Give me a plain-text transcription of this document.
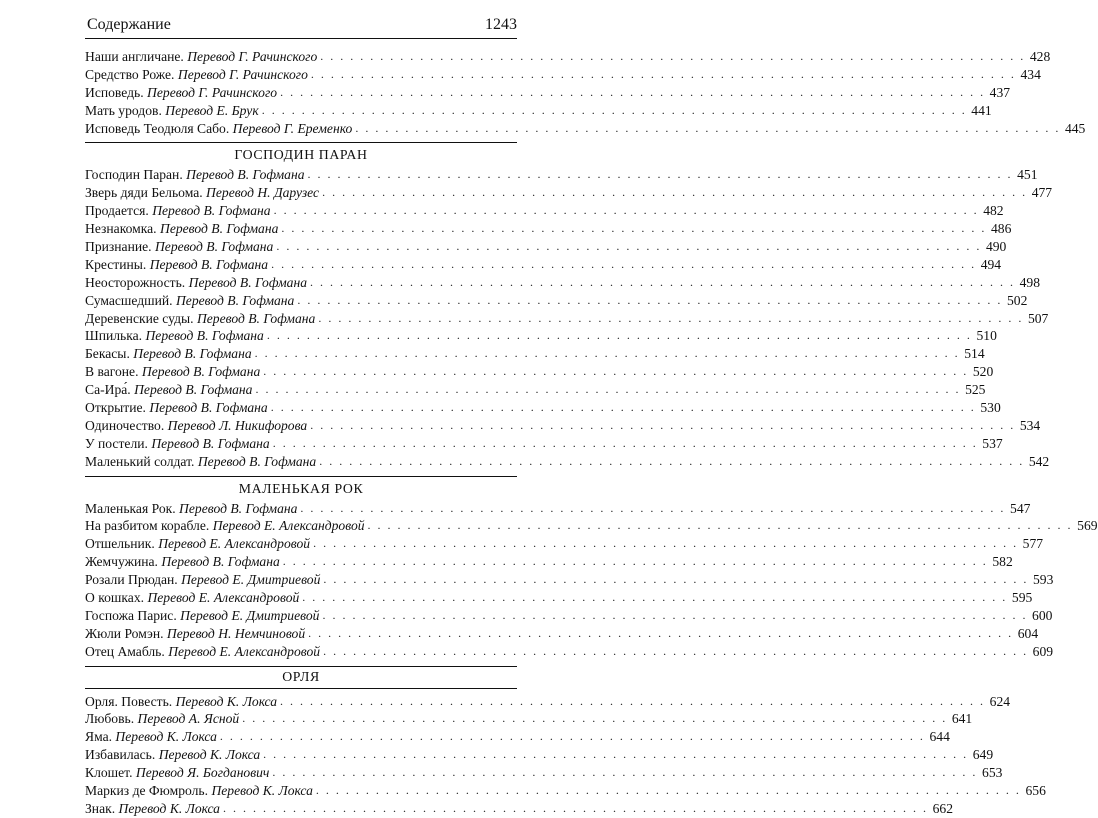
Содержание	1243
Наши англичане. Перевод Г. Рачинского . . . . . . . . . . . . . . . . . . . . . . . . . . . . . . . . . . . . . . . . . . . . . . . . . . . . . . . . . . . . . . . . . . . . . . . 428
Средство Роже. Перевод Г. Рачинского . . . . . . . . . . . . . . . . . . . . . . . . . . . . . . . . . . . . . . . . . . . . . . . . . . . . . . . . . . . . . . . . . . . . . . . 434
Исповедь. Перевод Г. Рачинского . . . . . . . . . . . . . . . . . . . . . . . . . . . . . . . . . . . . . . . . . . . . . . . . . . . . . . . . . . . . . . . . . . . . . . . 437
Мать уродов. Перевод Е. Брук . . . . . . . . . . . . . . . . . . . . . . . . . . . . . . . . . . . . . . . . . . . . . . . . . . . . . . . . . . . . . . . . . . . . . . . 441
Исповедь Теодюля Сабо. Перевод Г. Еременко . . . . . . . . . . . . . . . . . . . . . . . . . . . . . . . . . . . . . . . . . . . . . . . . . . . . . . . . . . . . . . . . . . . . . . . 445
ГОСПОДИН ПАРАН
Господин Паран. Перевод В. Гофмана . . . . . . . . . . . . . . . . . . . . . . . . . . . . . . . . . . . . . . . . . . . . . . . . . . . . . . . . . . . . . . . . . . . . . . . 451
Зверь дяди Бельома. Перевод Н. Дарузес . . . . . . . . . . . . . . . . . . . . . . . . . . . . . . . . . . . . . . . . . . . . . . . . . . . . . . . . . . . . . . . . . . . . . . . 477
Продается. Перевод В. Гофмана . . . . . . . . . . . . . . . . . . . . . . . . . . . . . . . . . . . . . . . . . . . . . . . . . . . . . . . . . . . . . . . . . . . . . . . 482
Незнакомка. Перевод В. Гофмана . . . . . . . . . . . . . . . . . . . . . . . . . . . . . . . . . . . . . . . . . . . . . . . . . . . . . . . . . . . . . . . . . . . . . . . 486
Признание. Перевод В. Гофмана . . . . . . . . . . . . . . . . . . . . . . . . . . . . . . . . . . . . . . . . . . . . . . . . . . . . . . . . . . . . . . . . . . . . . . . 490
Крестины. Перевод В. Гофмана . . . . . . . . . . . . . . . . . . . . . . . . . . . . . . . . . . . . . . . . . . . . . . . . . . . . . . . . . . . . . . . . . . . . . . . 494
Неосторожность. Перевод В. Гофмана . . . . . . . . . . . . . . . . . . . . . . . . . . . . . . . . . . . . . . . . . . . . . . . . . . . . . . . . . . . . . . . . . . . . . . . 498
Сумасшедший. Перевод В. Гофмана . . . . . . . . . . . . . . . . . . . . . . . . . . . . . . . . . . . . . . . . . . . . . . . . . . . . . . . . . . . . . . . . . . . . . . . 502
Деревенские суды. Перевод В. Гофмана . . . . . . . . . . . . . . . . . . . . . . . . . . . . . . . . . . . . . . . . . . . . . . . . . . . . . . . . . . . . . . . . . . . . . . . 507
Шпилька. Перевод В. Гофмана . . . . . . . . . . . . . . . . . . . . . . . . . . . . . . . . . . . . . . . . . . . . . . . . . . . . . . . . . . . . . . . . . . . . . . . 510
Бекасы. Перевод В. Гофмана . . . . . . . . . . . . . . . . . . . . . . . . . . . . . . . . . . . . . . . . . . . . . . . . . . . . . . . . . . . . . . . . . . . . . . . 514
В вагоне. Перевод В. Гофмана . . . . . . . . . . . . . . . . . . . . . . . . . . . . . . . . . . . . . . . . . . . . . . . . . . . . . . . . . . . . . . . . . . . . . . . 520
Са-Ира́. Перевод В. Гофмана . . . . . . . . . . . . . . . . . . . . . . . . . . . . . . . . . . . . . . . . . . . . . . . . . . . . . . . . . . . . . . . . . . . . . . . 525
Открытие. Перевод В. Гофмана . . . . . . . . . . . . . . . . . . . . . . . . . . . . . . . . . . . . . . . . . . . . . . . . . . . . . . . . . . . . . . . . . . . . . . . 530
Одиночество. Перевод Л. Никифорова . . . . . . . . . . . . . . . . . . . . . . . . . . . . . . . . . . . . . . . . . . . . . . . . . . . . . . . . . . . . . . . . . . . . . . . 534
У постели. Перевод В. Гофмана . . . . . . . . . . . . . . . . . . . . . . . . . . . . . . . . . . . . . . . . . . . . . . . . . . . . . . . . . . . . . . . . . . . . . . . 537
Маленький солдат. Перевод В. Гофмана . . . . . . . . . . . . . . . . . . . . . . . . . . . . . . . . . . . . . . . . . . . . . . . . . . . . . . . . . . . . . . . . . . . . . . . 542
МАЛЕНЬКАЯ РОК
Маленькая Рок. Перевод В. Гофмана . . . . . . . . . . . . . . . . . . . . . . . . . . . . . . . . . . . . . . . . . . . . . . . . . . . . . . . . . . . . . . . . . . . . . . . 547
На разбитом корабле. Перевод Е. Александровой . . . . . . . . . . . . . . . . . . . . . . . . . . . . . . . . . . . . . . . . . . . . . . . . . . . . . . . . . . . . . . . . . . . . . . . 569
Отшельник. Перевод Е. Александровой . . . . . . . . . . . . . . . . . . . . . . . . . . . . . . . . . . . . . . . . . . . . . . . . . . . . . . . . . . . . . . . . . . . . . . . 577
Жемчужина. Перевод В. Гофмана . . . . . . . . . . . . . . . . . . . . . . . . . . . . . . . . . . . . . . . . . . . . . . . . . . . . . . . . . . . . . . . . . . . . . . . 582
Розали Прюдан. Перевод Е. Дмитриевой . . . . . . . . . . . . . . . . . . . . . . . . . . . . . . . . . . . . . . . . . . . . . . . . . . . . . . . . . . . . . . . . . . . . . . . 593
О кошках. Перевод Е. Александровой . . . . . . . . . . . . . . . . . . . . . . . . . . . . . . . . . . . . . . . . . . . . . . . . . . . . . . . . . . . . . . . . . . . . . . . 595
Госпожа Парис. Перевод Е. Дмитриевой . . . . . . . . . . . . . . . . . . . . . . . . . . . . . . . . . . . . . . . . . . . . . . . . . . . . . . . . . . . . . . . . . . . . . . . 600
Жюли Ромэн. Перевод Н. Немчиновой . . . . . . . . . . . . . . . . . . . . . . . . . . . . . . . . . . . . . . . . . . . . . . . . . . . . . . . . . . . . . . . . . . . . . . . 604
Отец Амабль. Перевод Е. Александровой . . . . . . . . . . . . . . . . . . . . . . . . . . . . . . . . . . . . . . . . . . . . . . . . . . . . . . . . . . . . . . . . . . . . . . . 609
ОРЛЯ
Орля. Повесть. Перевод К. Локса . . . . . . . . . . . . . . . . . . . . . . . . . . . . . . . . . . . . . . . . . . . . . . . . . . . . . . . . . . . . . . . . . . . . . . . 624
Любовь. Перевод А. Ясной . . . . . . . . . . . . . . . . . . . . . . . . . . . . . . . . . . . . . . . . . . . . . . . . . . . . . . . . . . . . . . . . . . . . . . . 641
Яма. Перевод К. Локса . . . . . . . . . . . . . . . . . . . . . . . . . . . . . . . . . . . . . . . . . . . . . . . . . . . . . . . . . . . . . . . . . . . . . . . 644
Избавилась. Перевод К. Локса . . . . . . . . . . . . . . . . . . . . . . . . . . . . . . . . . . . . . . . . . . . . . . . . . . . . . . . . . . . . . . . . . . . . . . . 649
Клошет. Перевод Я. Богданович . . . . . . . . . . . . . . . . . . . . . . . . . . . . . . . . . . . . . . . . . . . . . . . . . . . . . . . . . . . . . . . . . . . . . . . 653
Маркиз де Фюмроль. Перевод К. Локса . . . . . . . . . . . . . . . . . . . . . . . . . . . . . . . . . . . . . . . . . . . . . . . . . . . . . . . . . . . . . . . . . . . . . . . 656
Знак. Перевод К. Локса . . . . . . . . . . . . . . . . . . . . . . . . . . . . . . . . . . . . . . . . . . . . . . . . . . . . . . . . . . . . . . . . . . . . . . . 662
